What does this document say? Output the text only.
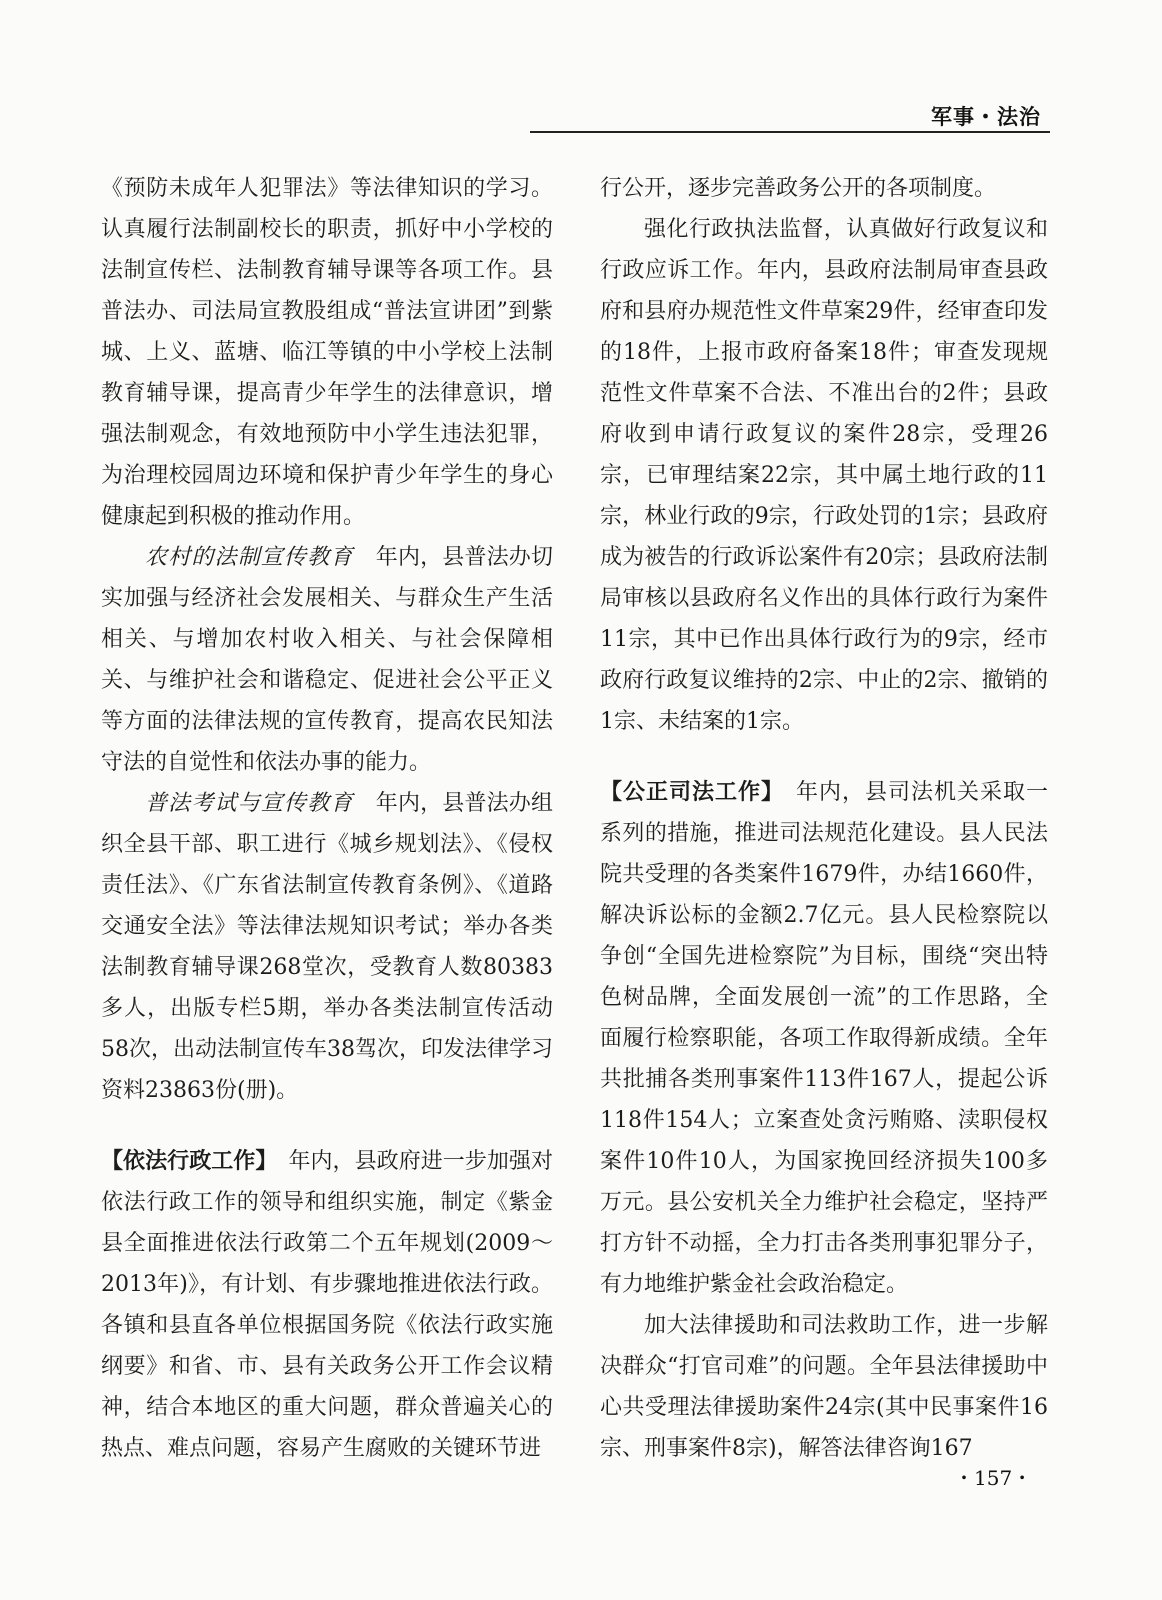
军事・法治

《预防未成年人犯罪法》等法律知识的学习。认真履行法制副校长的职责，抓好中小学校的法制宣传栏、法制教育辅导课等各项工作。县普法办、司法局宣教股组成“普法宣讲团”到紫城、上义、蓝塘、临江等镇的中小学校上法制教育辅导课，提高青少年学生的法律意识，增强法制观念，有效地预防中小学生违法犯罪，为治理校园周边环境和保护青少年学生的身心健康起到积极的推动作用。

农村的法制宣传教育　 年内，县普法办切实加强与经济社会发展相关、与群众生产生活相关、与增加农村收入相关、与社会保障相关、与维护社会和谐稳定、促进社会公平正义等方面的法律法规的宣传教育，提高农民知法守法的自觉性和依法办事的能力。

普法考试与宣传教育　 年内，县普法办组织全县干部、职工进行《城乡规划法》、《侵权责任法》、《广东省法制宣传教育条例》、《道路交通安全法》等法律法规知识考试；举办各类法制教育辅导课268堂次，受教育人数80383多人，出版专栏5期，举办各类法制宣传活动58次，出动法制宣传车38驾次，印发法律学习资料23863份(册)。

【依法行政工作】　 年内，县政府进一步加强对依法行政工作的领导和组织实施，制定《紫金县全面推进依法行政第二个五年规划(2009～2013年)》，有计划、有步骤地推进依法行政。各镇和县直各单位根据国务院《依法行政实施纲要》和省、市、县有关政务公开工作会议精神，结合本地区的重大问题，群众普遍关心的热点、难点问题，容易产生腐败的关键环节进

行公开，逐步完善政务公开的各项制度。

强化行政执法监督，认真做好行政复议和行政应诉工作。年内，县政府法制局审查县政府和县府办规范性文件草案29件，经审查印发的18件，上报市政府备案18件；审查发现规范性文件草案不合法、不准出台的2件；县政府收到申请行政复议的案件28宗，受理26宗，已审理结案22宗，其中属土地行政的11宗，林业行政的9宗，行政处罚的1宗；县政府成为被告的行政诉讼案件有20宗；县政府法制局审核以县政府名义作出的具体行政行为案件11宗，其中已作出具体行政行为的9宗，经市政府行政复议维持的2宗、中止的2宗、撤销的1宗、未结案的1宗。

【公正司法工作】　 年内，县司法机关采取一系列的措施，推进司法规范化建设。县人民法院共受理的各类案件1679件，办结1660件，解决诉讼标的金额2.7亿元。县人民检察院以争创“全国先进检察院”为目标，围绕“突出特色树品牌，全面发展创一流”的工作思路，全面履行检察职能，各项工作取得新成绩。全年共批捕各类刑事案件113件167人，提起公诉118件154人；立案查处贪污贿赂、渎职侵权案件10件10人，为国家挽回经济损失100多万元。县公安机关全力维护社会稳定，坚持严打方针不动摇，全力打击各类刑事犯罪分子，有力地维护紫金社会政治稳定。

加大法律援助和司法救助工作，进一步解决群众“打官司难”的问题。全年县法律援助中心共受理法律援助案件24宗(其中民事案件16宗、刑事案件8宗)，解答法律咨询167

・157・
